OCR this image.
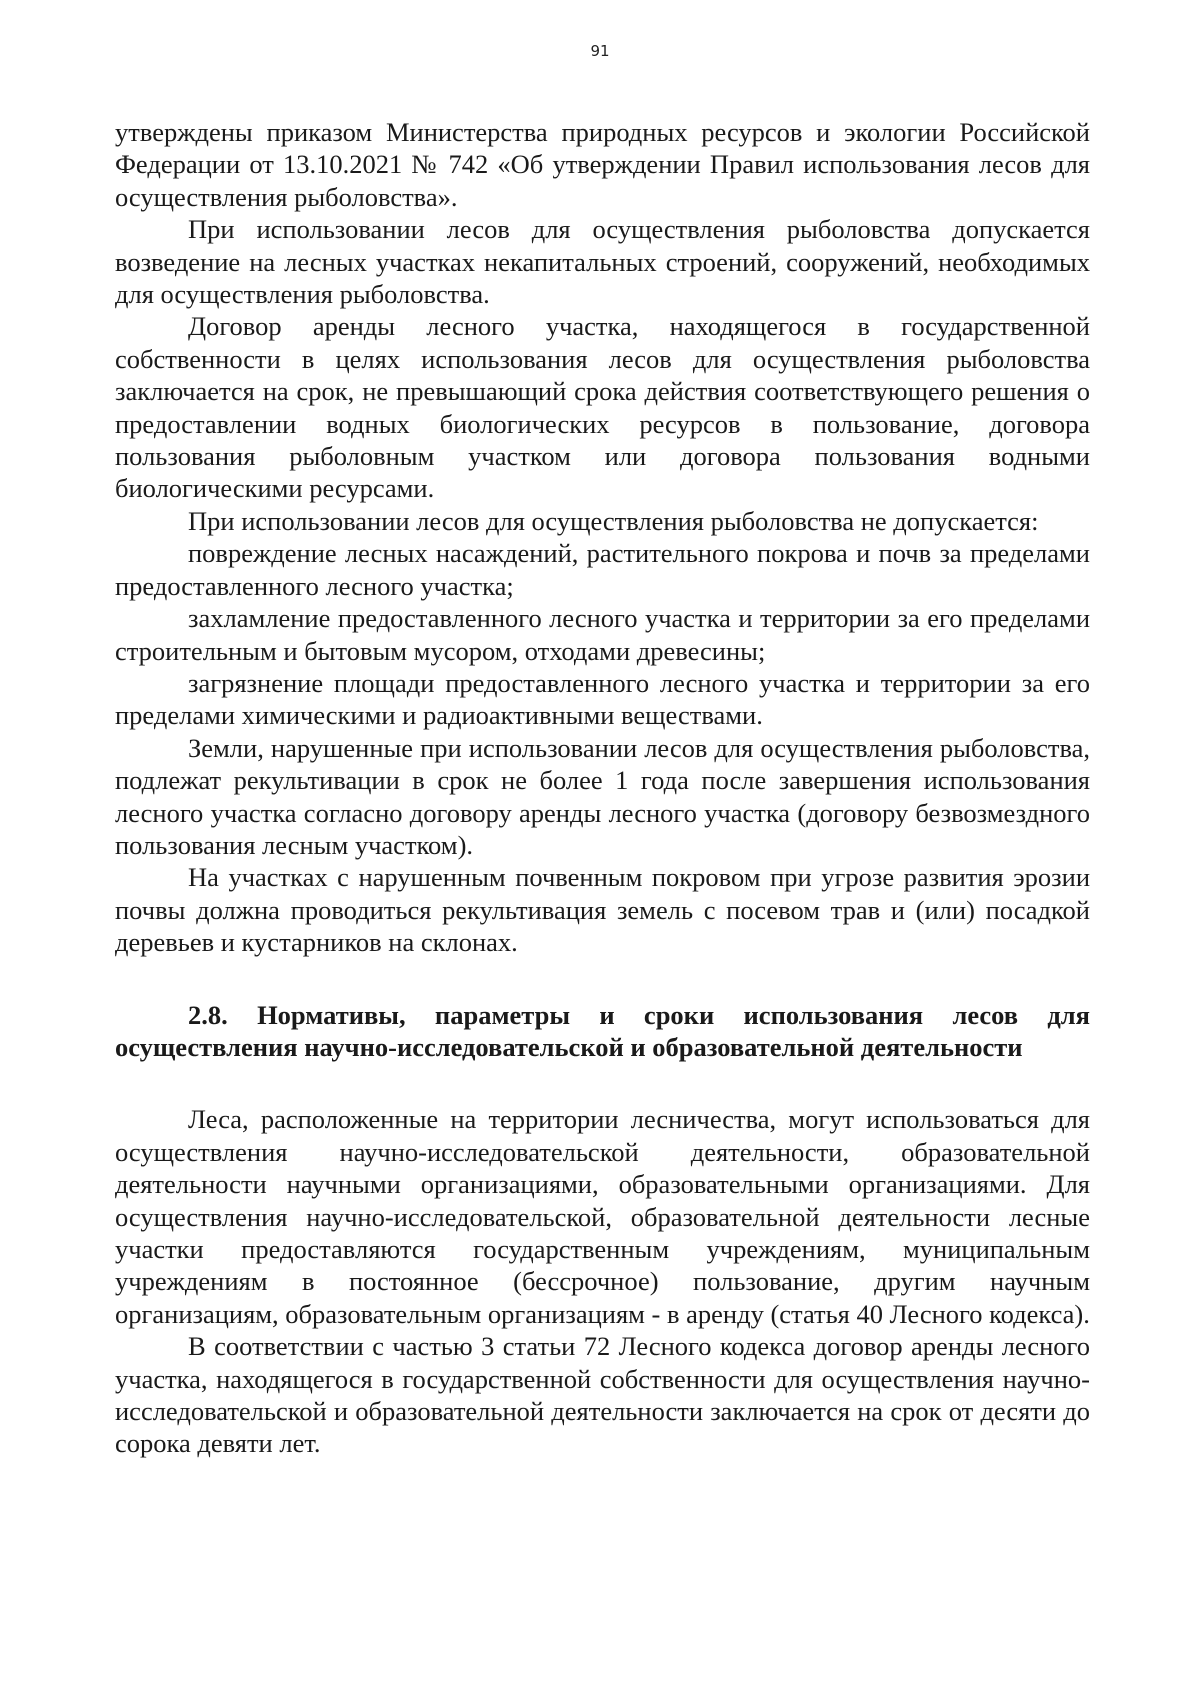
91

утверждены приказом Министерства природных ресурсов и экологии Российской Федерации от 13.10.2021 № 742 «Об утверждении Правил использования лесов для осуществления рыболовства».

При использовании лесов для осуществления рыболовства допускается возведение на лесных участках некапитальных строений, сооружений, необходимых для осуществления рыболовства.

Договор аренды лесного участка, находящегося в государственной собственности в целях использования лесов для осуществления рыболовства заключается на срок, не превышающий срока действия соответствующего решения о предоставлении водных биологических ресурсов в пользование, договора пользования рыболовным участком или договора пользования водными биологическими ресурсами.

При использовании лесов для осуществления рыболовства не допускается:

повреждение лесных насаждений, растительного покрова и почв за пределами предоставленного лесного участка;

захламление предоставленного лесного участка и территории за его пределами строительным и бытовым мусором, отходами древесины;

загрязнение площади предоставленного лесного участка и территории за его пределами химическими и радиоактивными веществами.

Земли, нарушенные при использовании лесов для осуществления рыболовства, подлежат рекультивации в срок не более 1 года после завершения использования лесного участка согласно договору аренды лесного участка (договору безвозмездного пользования лесным участком).

На участках с нарушенным почвенным покровом при угрозе развития эрозии почвы должна проводиться рекультивация земель с посевом трав и (или) посадкой деревьев и кустарников на склонах.

2.8. Нормативы, параметры и сроки использования лесов для осуществления научно-исследовательской и образовательной деятельности

Леса, расположенные на территории лесничества, могут использоваться для осуществления научно-исследовательской деятельности, образовательной деятельности научными организациями, образовательными организациями. Для осуществления научно-исследовательской, образовательной деятельности лесные участки предоставляются государственным учреждениям, муниципальным учреждениям в постоянное (бессрочное) пользование, другим научным организациям, образовательным организациям - в аренду (статья 40 Лесного кодекса).

В соответствии с частью 3 статьи 72 Лесного кодекса договор аренды лесного участка, находящегося в государственной собственности для осуществления научно-исследовательской и образовательной деятельности заключается на срок от десяти до сорока девяти лет.
